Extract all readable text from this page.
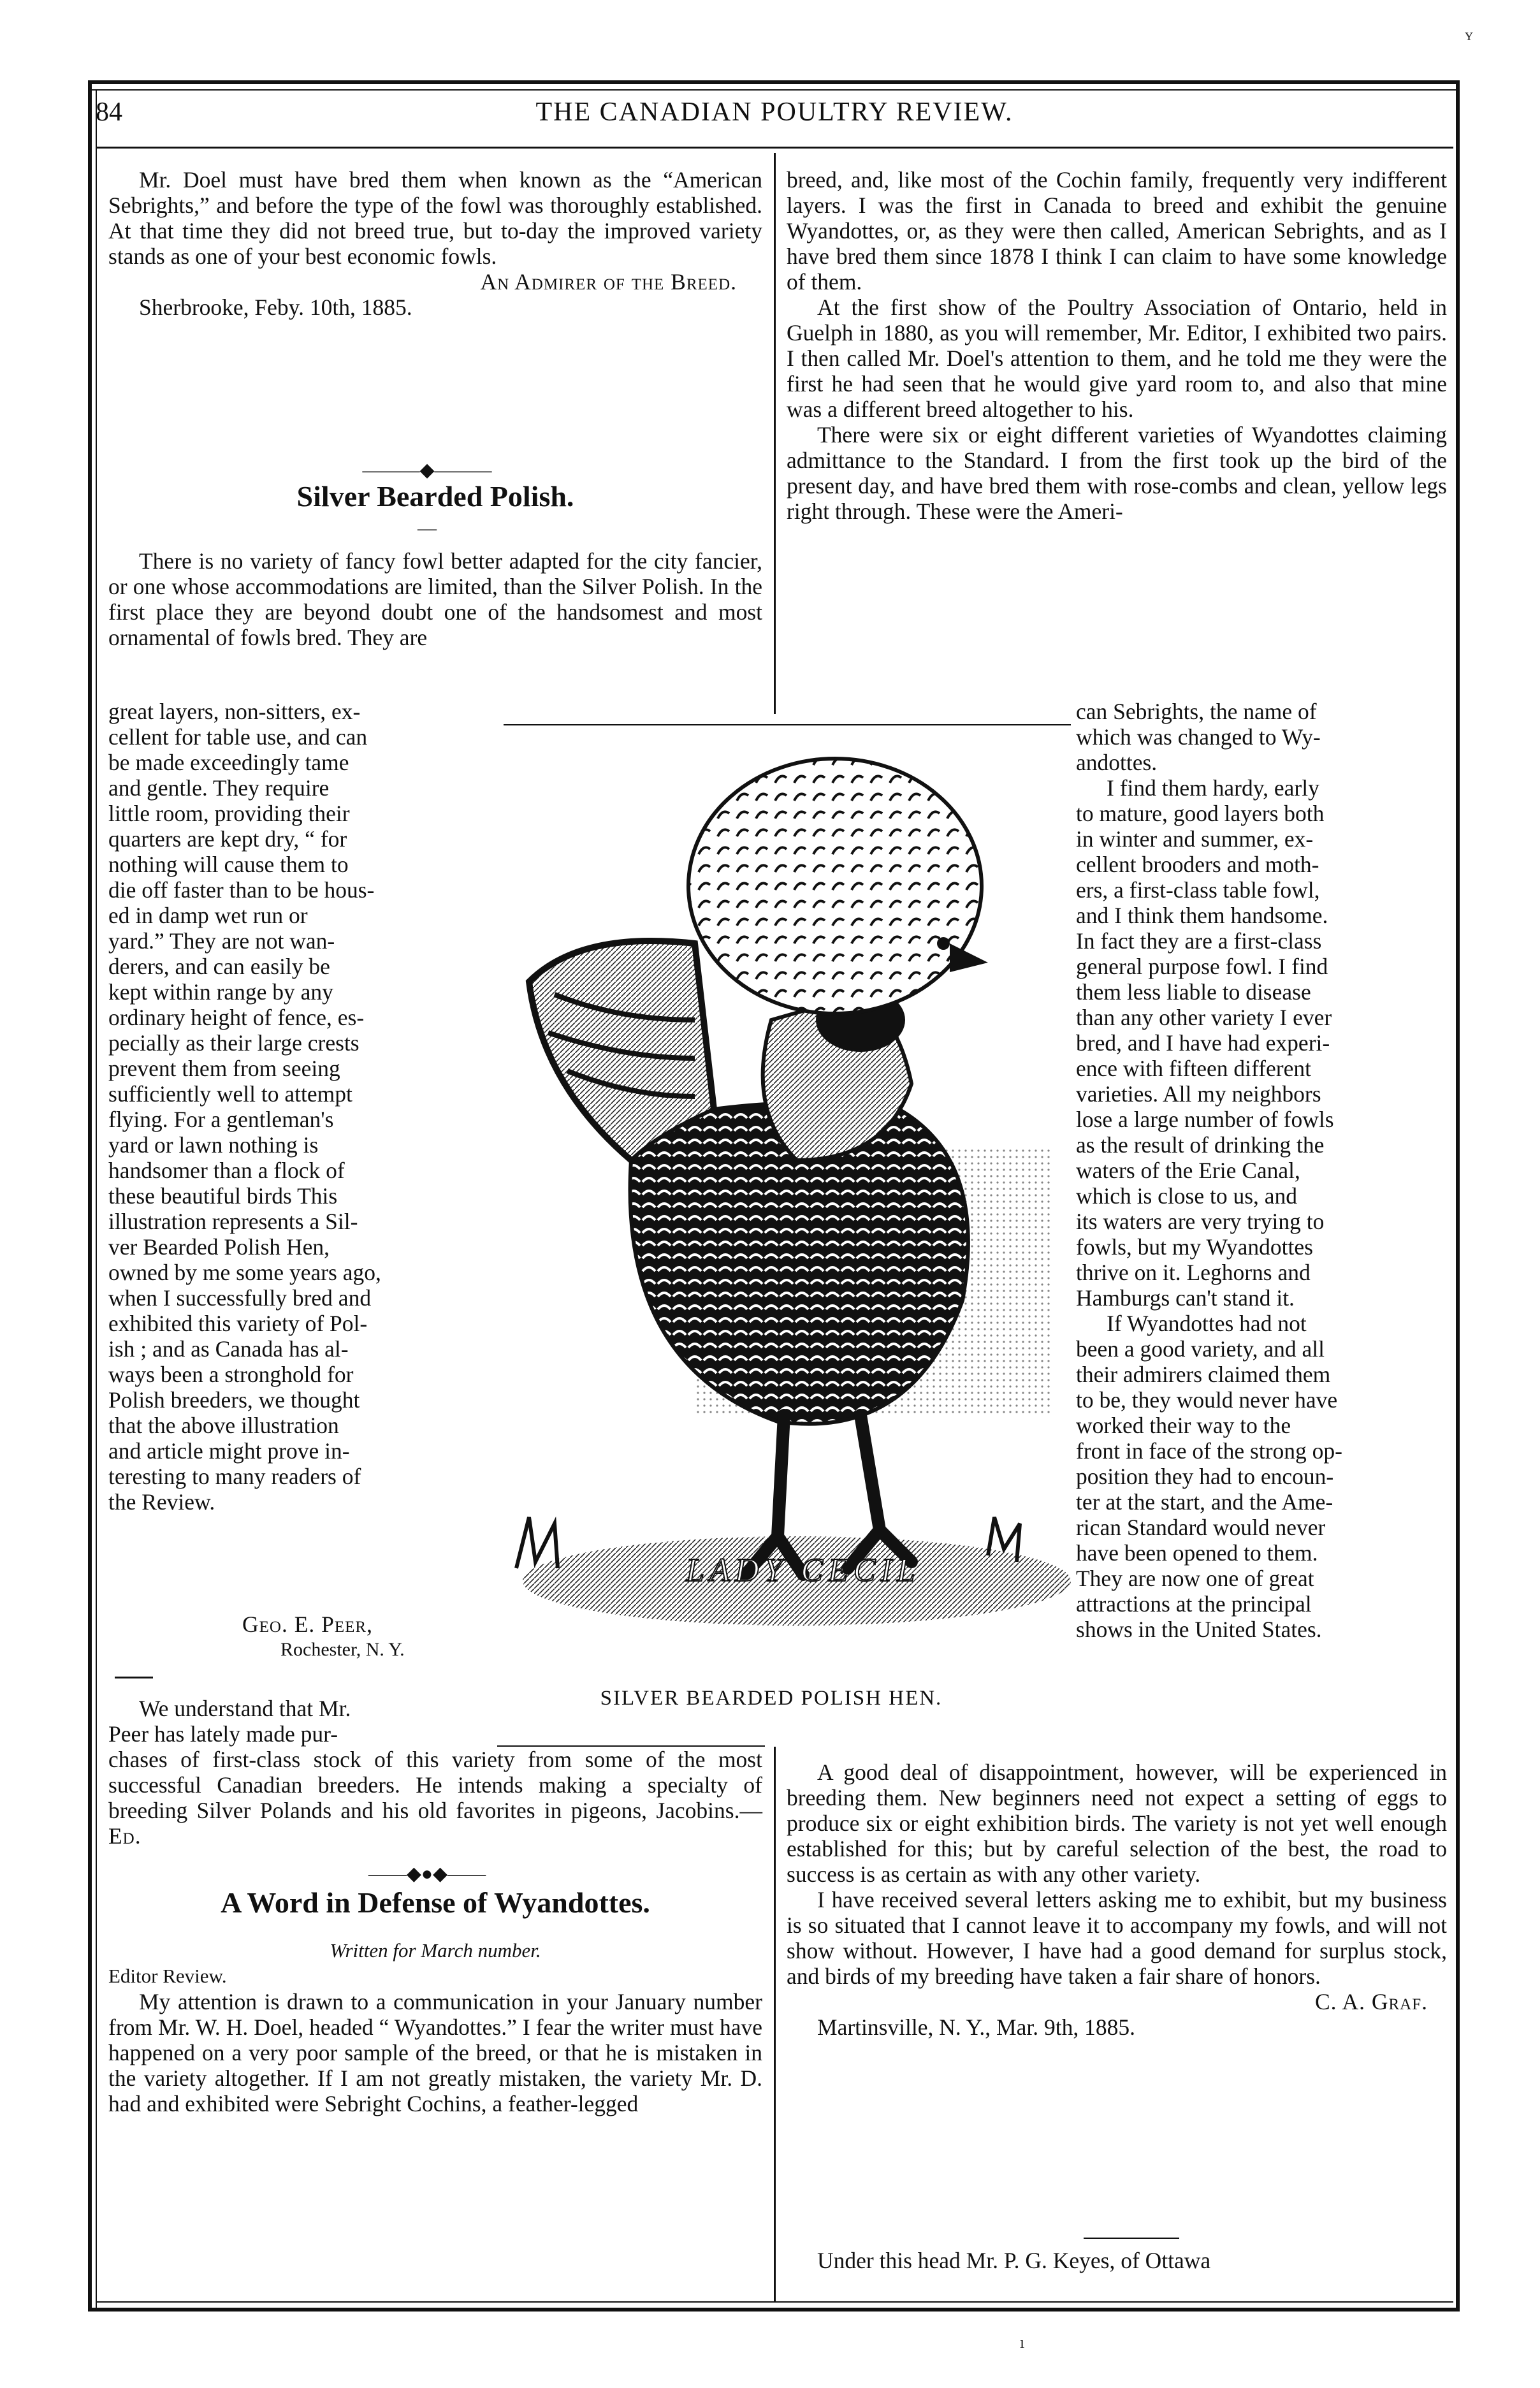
84	THE CANADIAN POULTRY REVIEW.

Mr. Doel must have bred them when known as the “American Sebrights,” and before the type of the fowl was thoroughly established. At that time they did not breed true, but to-day the improved variety stands as one of your best economic fowls.

An Admirer of the Breed.

Sherbrooke, Feby. 10th, 1885.

———◆———
Silver Bearded Polish.
—

There is no variety of fancy fowl better adapted for the city fancier, or one whose accommodations are limited, than the Silver Polish. In the first place they are beyond doubt one of the handsomest and most ornamental of fowls bred. They are

great layers, non-sitters, ex-
cellent for table use, and can
be made exceedingly tame
and gentle. They require
little room, providing their
quarters are kept dry, “ for
nothing will cause them to
die off faster than to be hous-
ed in damp wet run or
yard.” They are not wan-
derers, and can easily be
kept within range by any
ordinary height of fence, es-
pecially as their large crests
prevent them from seeing
sufficiently well to attempt
flying. For a gentleman's
yard or lawn nothing is
handsomer than a flock of
these beautiful birds This
illustration represents a Sil-
ver Bearded Polish Hen,
owned by me some years ago,
when I successfully bred and
exhibited this variety of Pol-
ish ; and as Canada has al-
ways been a stronghold for
Polish breeders, we thought
that the above illustration
and article might prove in-
teresting to many readers of
the Review.

Geo. E. Peer,

Rochester, N. Y.

We understand that Mr.
Peer has lately made pur-

chases of first-class stock of this variety from some of the most successful Canadian breeders. He intends making a specialty of breeding Silver Polands and his old favorites in pigeons, Jacobins.—Ed.

——◆●◆——
A Word in Defense of Wyandottes.

Written for March number.

Editor Review.

My attention is drawn to a communication in your January number from Mr. W. H. Doel, headed “ Wyandottes.” I fear the writer must have happened on a very poor sample of the breed, or that he is mistaken in the variety altogether. If I am not greatly mistaken, the variety Mr. D. had and exhibited were Sebright Cochins, a feather-legged

breed, and, like most of the Cochin family, frequently very indifferent layers. I was the first in Canada to breed and exhibit the genuine Wyandottes, or, as they were then called, American Sebrights, and as I have bred them since 1878 I think I can claim to have some knowledge of them.

At the first show of the Poultry Association of Ontario, held in Guelph in 1880, as you will remember, Mr. Editor, I exhibited two pairs. I then called Mr. Doel's attention to them, and he told me they were the first he had seen that he would give yard room to, and also that mine was a different breed altogether to his.

There were six or eight different varieties of Wyandottes claiming admittance to the Standard. I from the first took up the bird of the present day, and have bred them with rose-combs and clean, yellow legs right through. These were the Ameri-

can Sebrights, the name of
which was changed to Wy-
andottes.
I find them hardy, early
to mature, good layers both
in winter and summer, ex-
cellent brooders and moth-
ers, a first-class table fowl,
and I think them handsome.
In fact they are a first-class
general purpose fowl. I find
them less liable to disease
than any other variety I ever
bred, and I have had experi-
ence with fifteen different
varieties. All my neighbors
lose a large number of fowls
as the result of drinking the
waters of the Erie Canal,
which is close to us, and
its waters are very trying to
fowls, but my Wyandottes
thrive on it. Leghorns and
Hamburgs can't stand it.
If Wyandottes had not
been a good variety, and all
their admirers claimed them
to be, they would never have
worked their way to the
front in face of the strong op-
position they had to encoun-
ter at the start, and the Ame-
rican Standard would never
have been opened to them.
They are now one of great
attractions at the principal
shows in the United States.

A good deal of disappointment, however, will be experienced in breeding them. New beginners need not expect a setting of eggs to produce six or eight exhibition birds. The variety is not yet well enough established for this; but by careful selection of the best, the road to success is as certain as with any other variety.

I have received several letters asking me to exhibit, but my business is so situated that I cannot leave it to accompany my fowls, and will not show without. However, I have had a good demand for surplus stock, and birds of my breeding have taken a fair share of honors.

C. A. Graf.

Martinsville, N. Y., Mar. 9th, 1885.

Under this head Mr. P. G. Keyes, of Ottawa

LADY CECIL
SILVER BEARDED POLISH HEN.
ʏ
ı
